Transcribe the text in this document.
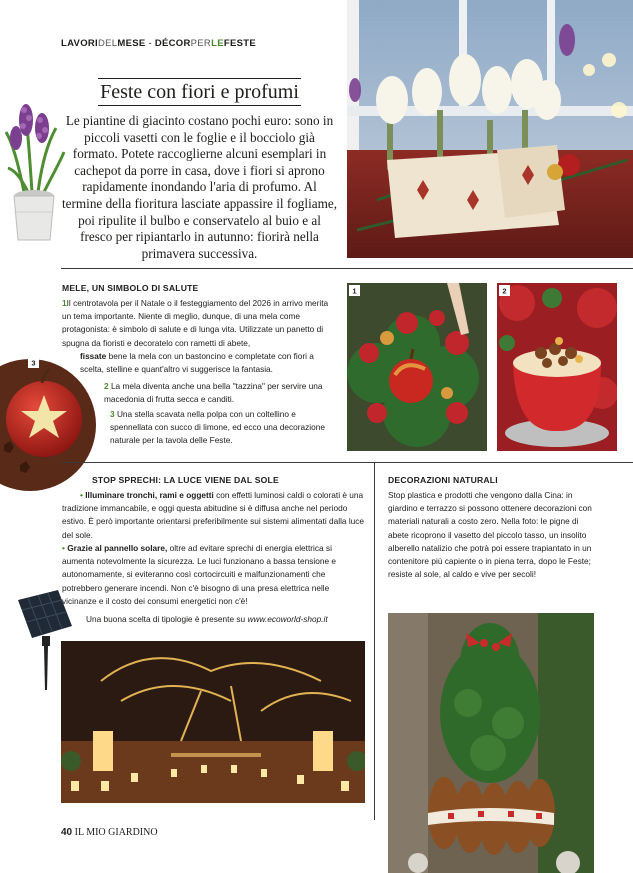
LAVORIDELMESE - DÉCORPERLEFESTE
Feste con fiori e profumi
Le piantine di giacinto costano pochi euro: sono in piccoli vasetti con le foglie e il bocciolo già formato. Potete raccoglierne alcuni esemplari in cachepot da porre in casa, dove i fiori si aprono rapidamente inondando l'aria di profumo. Al termine della fioritura lasciate appassire il fogliame, poi ripulite il bulbo e conservatelo al buio e al fresco per ripiantarlo in autunno: fiorirà nella primavera successiva.
MELE, UN SIMBOLO DI SALUTE
1Il centrotavola per il Natale o il festeggiamento del 2026 in arrivo merita un tema importante. Niente di meglio, dunque, di una mela come protagonista: è simbolo di salute e di lunga vita. Utilizzate un panetto di spugna da fioristi e decoratelo con rametti di abete,
fissate bene la mela con un bastoncino e completate con fiori a scelta, stelline e quant'altro vi suggerisce la fantasia.
2 La mela diventa anche una bella "tazzina" per servire una macedonia di frutta secca e canditi.
3 Una stella scavata nella polpa con un coltellino e spennellata con succo di limone, ed ecco una decorazione naturale per la tavola delle Feste.
3
1	2
STOP SPRECHI: LA LUCE VIENE DAL SOLE
• Illuminare tronchi, rami e oggetti con effetti luminosi caldi o colorati è una tradizione immancabile, e oggi questa abitudine si è diffusa anche nel periodo estivo. È però importante orientarsi preferibilmente sui sistemi alimentati dalla luce del sole.
• Grazie al pannello solare, oltre ad evitare sprechi di energia elettrica si aumenta notevolmente la sicurezza. Le luci funzionano a bassa tensione e autonomamente, si eviteranno così cortocircuiti e malfunzionamenti che potrebbero generare incendi. Non c'è bisogno di una presa elettrica nelle vicinanze e il costo dei consumi energetici non c'è!
Una buona scelta di tipologie è presente su www.ecoworld-shop.it
DECORAZIONI NATURALI
Stop plastica e prodotti che vengono dalla Cina: in giardino e terrazzo si possono ottenere decorazioni con materiali naturali a costo zero. Nella foto: le pigne di abete ricoprono il vasetto del piccolo tasso, un insolito alberello natalizio che potrà poi essere trapiantato in un contenitore più capiente o in piena terra, dopo le Feste; resiste al sole, al caldo e vive per secoli!
40 IL MIO GIARDINO
